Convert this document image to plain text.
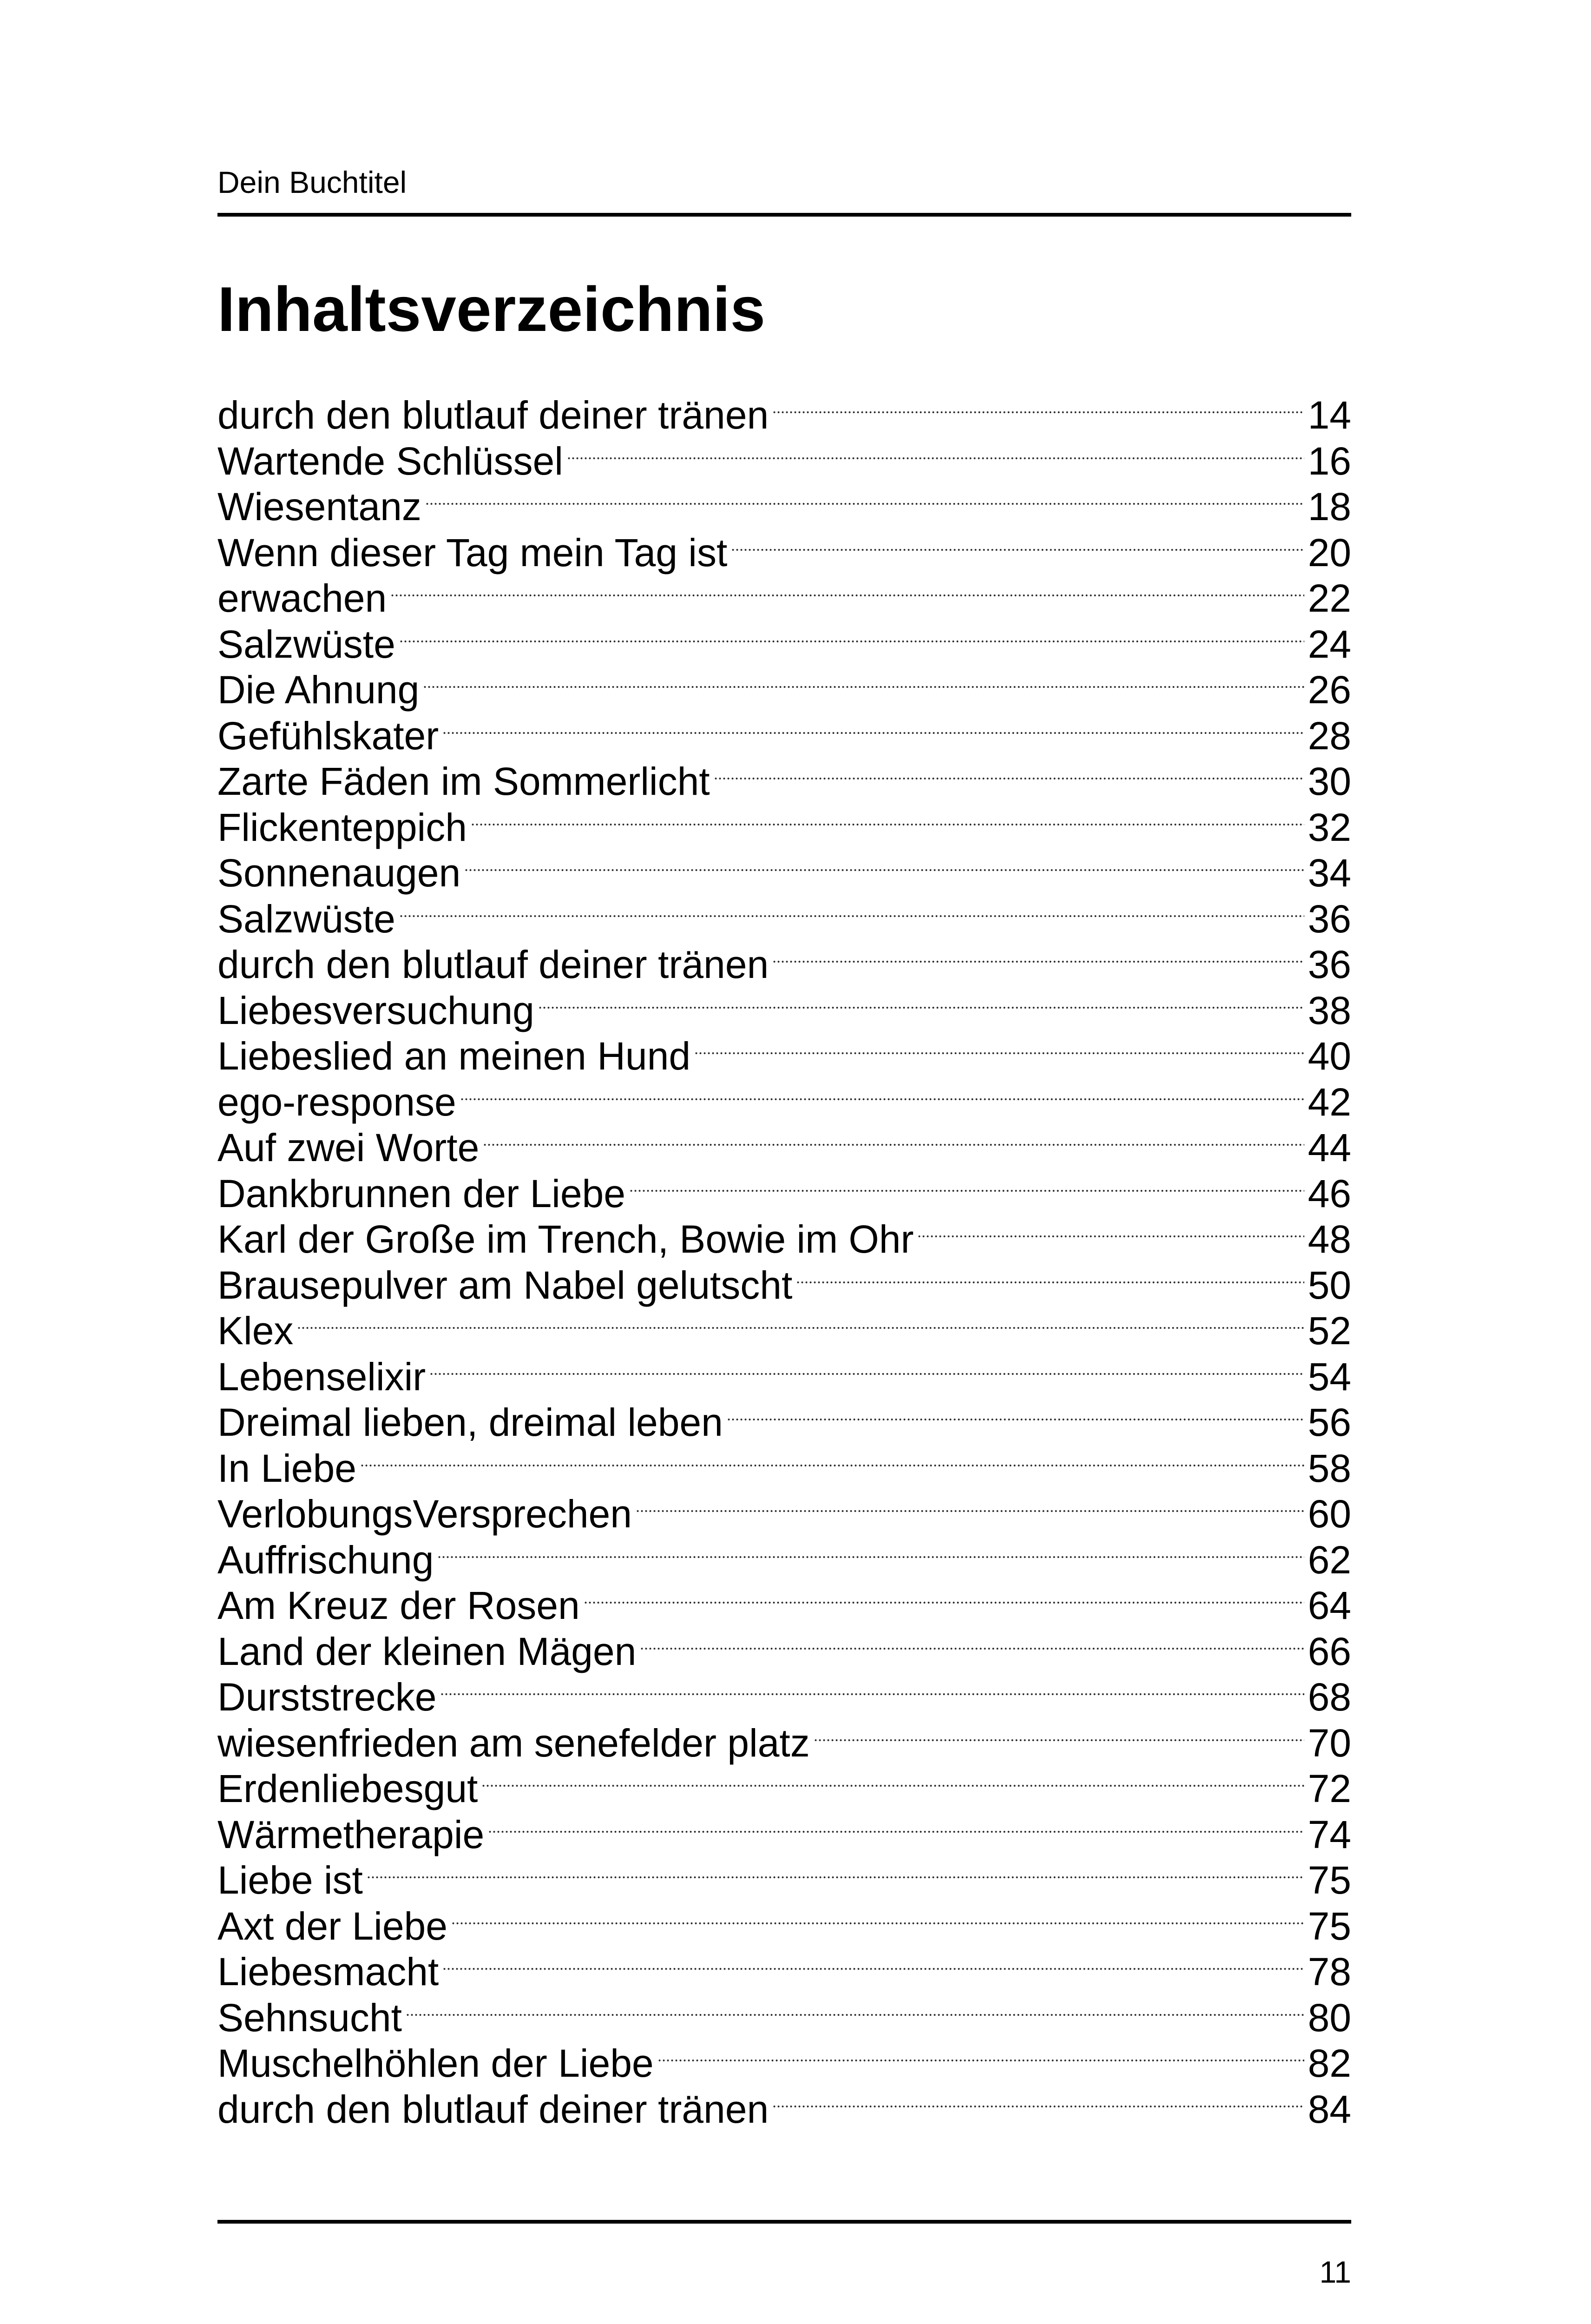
Dein Buchtitel
Inhaltsverzeichnis
durch den blutlauf deiner tränen	14
Wartende Schlüssel	16
Wiesentanz	18
Wenn dieser Tag mein Tag ist	20
erwachen	22
Salzwüste	24
Die Ahnung	26
Gefühlskater	28
Zarte Fäden im Sommerlicht	30
Flickenteppich	32
Sonnenaugen	34
Salzwüste	36
durch den blutlauf deiner tränen	36
Liebesversuchung	38
Liebeslied an meinen Hund	40
ego-response	42
Auf zwei Worte	44
Dankbrunnen der Liebe	46
Karl der Große im Trench, Bowie im Ohr	48
Brausepulver am Nabel gelutscht	50
Klex	52
Lebenselixir	54
Dreimal lieben, dreimal leben	56
In Liebe	58
VerlobungsVersprechen	60
Auffrischung	62
Am Kreuz der Rosen	64
Land der kleinen Mägen	66
Durststrecke	68
wiesenfrieden am senefelder platz	70
Erdenliebesgut	72
Wärmetherapie	74
Liebe ist	75
Axt der Liebe	75
Liebesmacht	78
Sehnsucht	80
Muschelhöhlen der Liebe	82
durch den blutlauf deiner tränen	84
11
